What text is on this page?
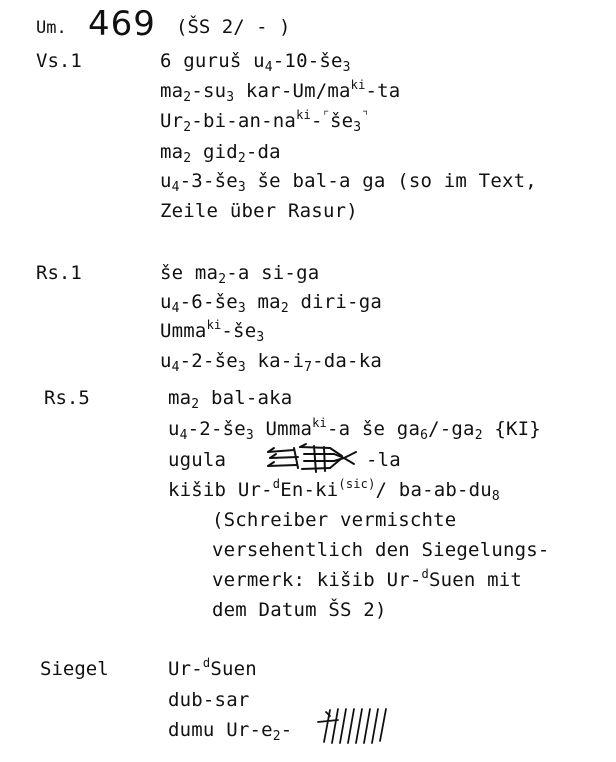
Um. 469 (ŠS 2/ - )
Vs.1	6 guruš $u_4-10-še_3$
$ma_2-su_3$ kar-$Um/ma^{ki}-ta$
$Ur_2-bi-an-na^{ki}-^⌜še_3^⌝$
$ma_2$ gid$_2$-da
$u_4-3-še_3$ še bal-a ga (so im Text,
Zeile über Rasur)
Rs.1	še $ma_2-a$ si-ga
$u_4-6-še_3$ $ma_2$ diri-ga
$Umma^{ki}-še_3$
$u_4-2-še_3$ $ka-i_7-da-ka$
Rs.5	$ma_2$ bal-aka
$u_4-2-še_3$ Umma$^{ki}$-a še $ga_6/-ga_2$ {KI}
ugula	-la
kišib $Ur-^dEn-ki^{(sic)}/$ $ba-ab-du_8$
(Schreiber vermischte
versehentlich den Siegelungs-
vermerk: kišib Ur-$^d$Suen mit
dem Datum ŠS 2)
Siegel	Ur-$^d$Suen
dub-sar
dumu $Ur-e_2-$
